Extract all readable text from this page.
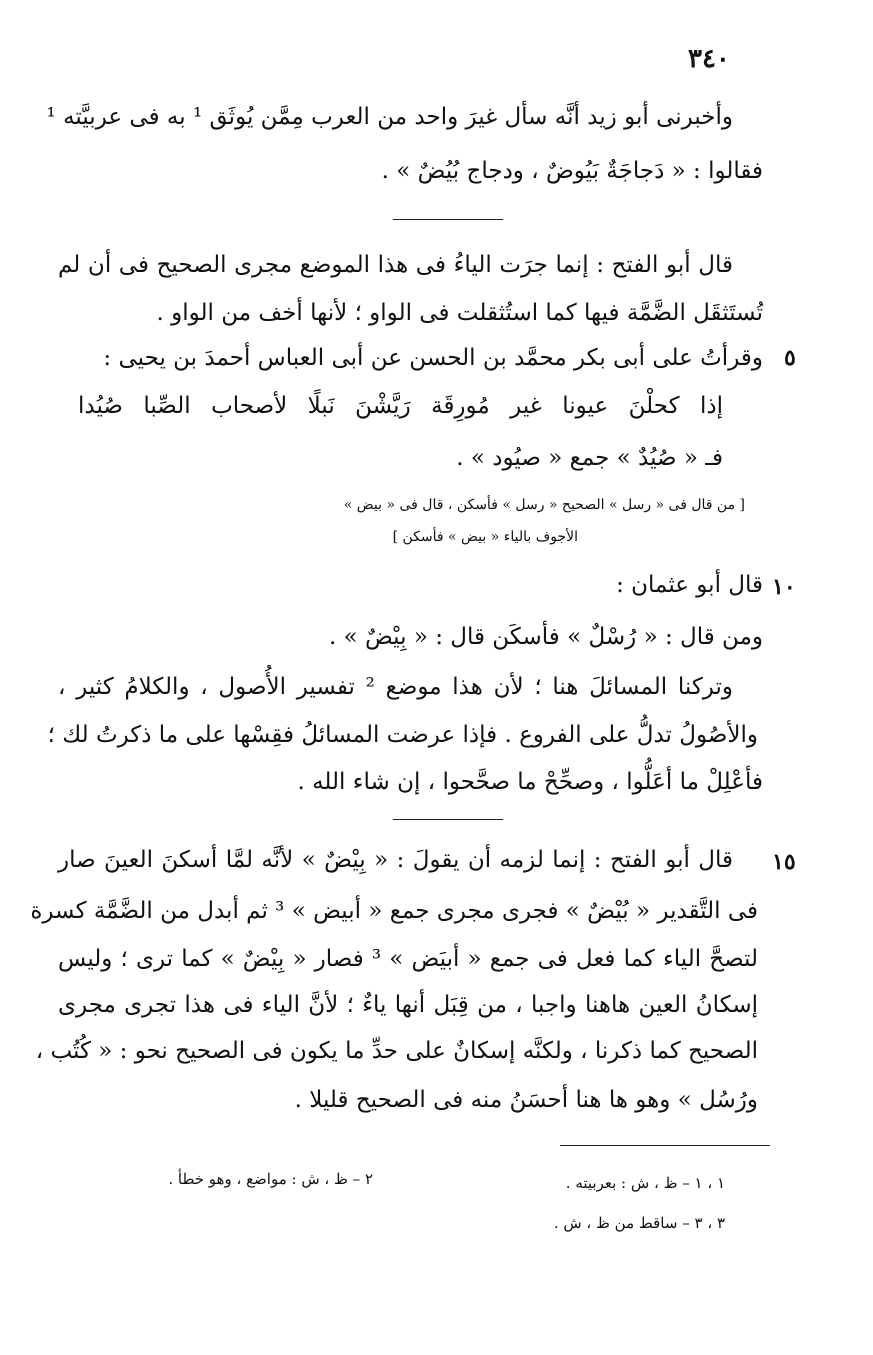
٣٤٠
وأخبرنى أبو زيد أنَّه سأل غيرَ واحد من العرب مِمَّن يُوثَق ¹ به فى عربيَّته ¹
فقالوا : « دَجاجَةٌ بَيُوضٌ ، ودجاج بُيُضٌ » .
قال أبو الفتح : إنما جرَت الياءُ فى هذا الموضع مجرى الصحيح فى أن لم
تُستَثقَل الضَّمَّة فيها كما استُثقلت فى الواو ؛ لأنها أخف من الواو .
٥
وقرأتُ على أبى بكر محمَّد بن الحسن عن أبى العباس أحمدَ بن يحيى :
إذا كحلْنَ عيونا غير مُورِقَة رَيَّشْنَ نَبلًا لأصحاب الصِّبا صُيُدا
فـ « صُيُدٌ » جمع « صيُود » .
[ من قال فى « رسل » الصحيح « رسل » فأسكن ، قال فى « بيض »
الأجوف بالياء « بيض » فأسكن ]
١٠
قال أبو عثمان :
ومن قال : « رُسْلٌ » فأسكَن قال : « بِيْضٌ » .
وتركنا المسائلَ هنا ؛ لأن هذا موضع ² تفسير الأُصول ، والكلامُ كثير ،
والأصُولُ تدلُّ على الفروع . فإذا عرضت المسائلُ فقِسْها على ما ذكرتُ لك ؛
فأعْلِلْ ما أعَلُّوا ، وصحِّحْ ما صحَّحوا ، إن شاء الله .
١٥
قال أبو الفتح : إنما لزمه أن يقولَ : « بِيْضٌ » لأنَّه لمَّا أسكنَ العينَ صار
فى التَّقدير « بُيْضٌ » فجرى مجرى جمع « أبيض » ³ ثم أبدل من الضَّمَّة كسرة
لتصحَّ الياء كما فعل فى جمع « أبيَض » ³ فصار « بِيْضٌ » كما ترى ؛ وليس
إسكانُ العين هاهنا واجبا ، من قِبَل أنها ياءٌ ؛ لأنَّ الياء فى هذا تجرى مجرى
الصحيح كما ذكرنا ، ولكنَّه إسكانٌ على حدِّ ما يكون فى الصحيح نحو : « كُتُب ،
ورُسُل » وهو ها هنا أحسَنُ منه فى الصحيح قليلا .
١ ، ١ – ظ ، ش : بعربيته .
٢ – ظ ، ش : مواضع ، وهو خطأ .
٣ ، ٣ – ساقط من ظ ، ش .
